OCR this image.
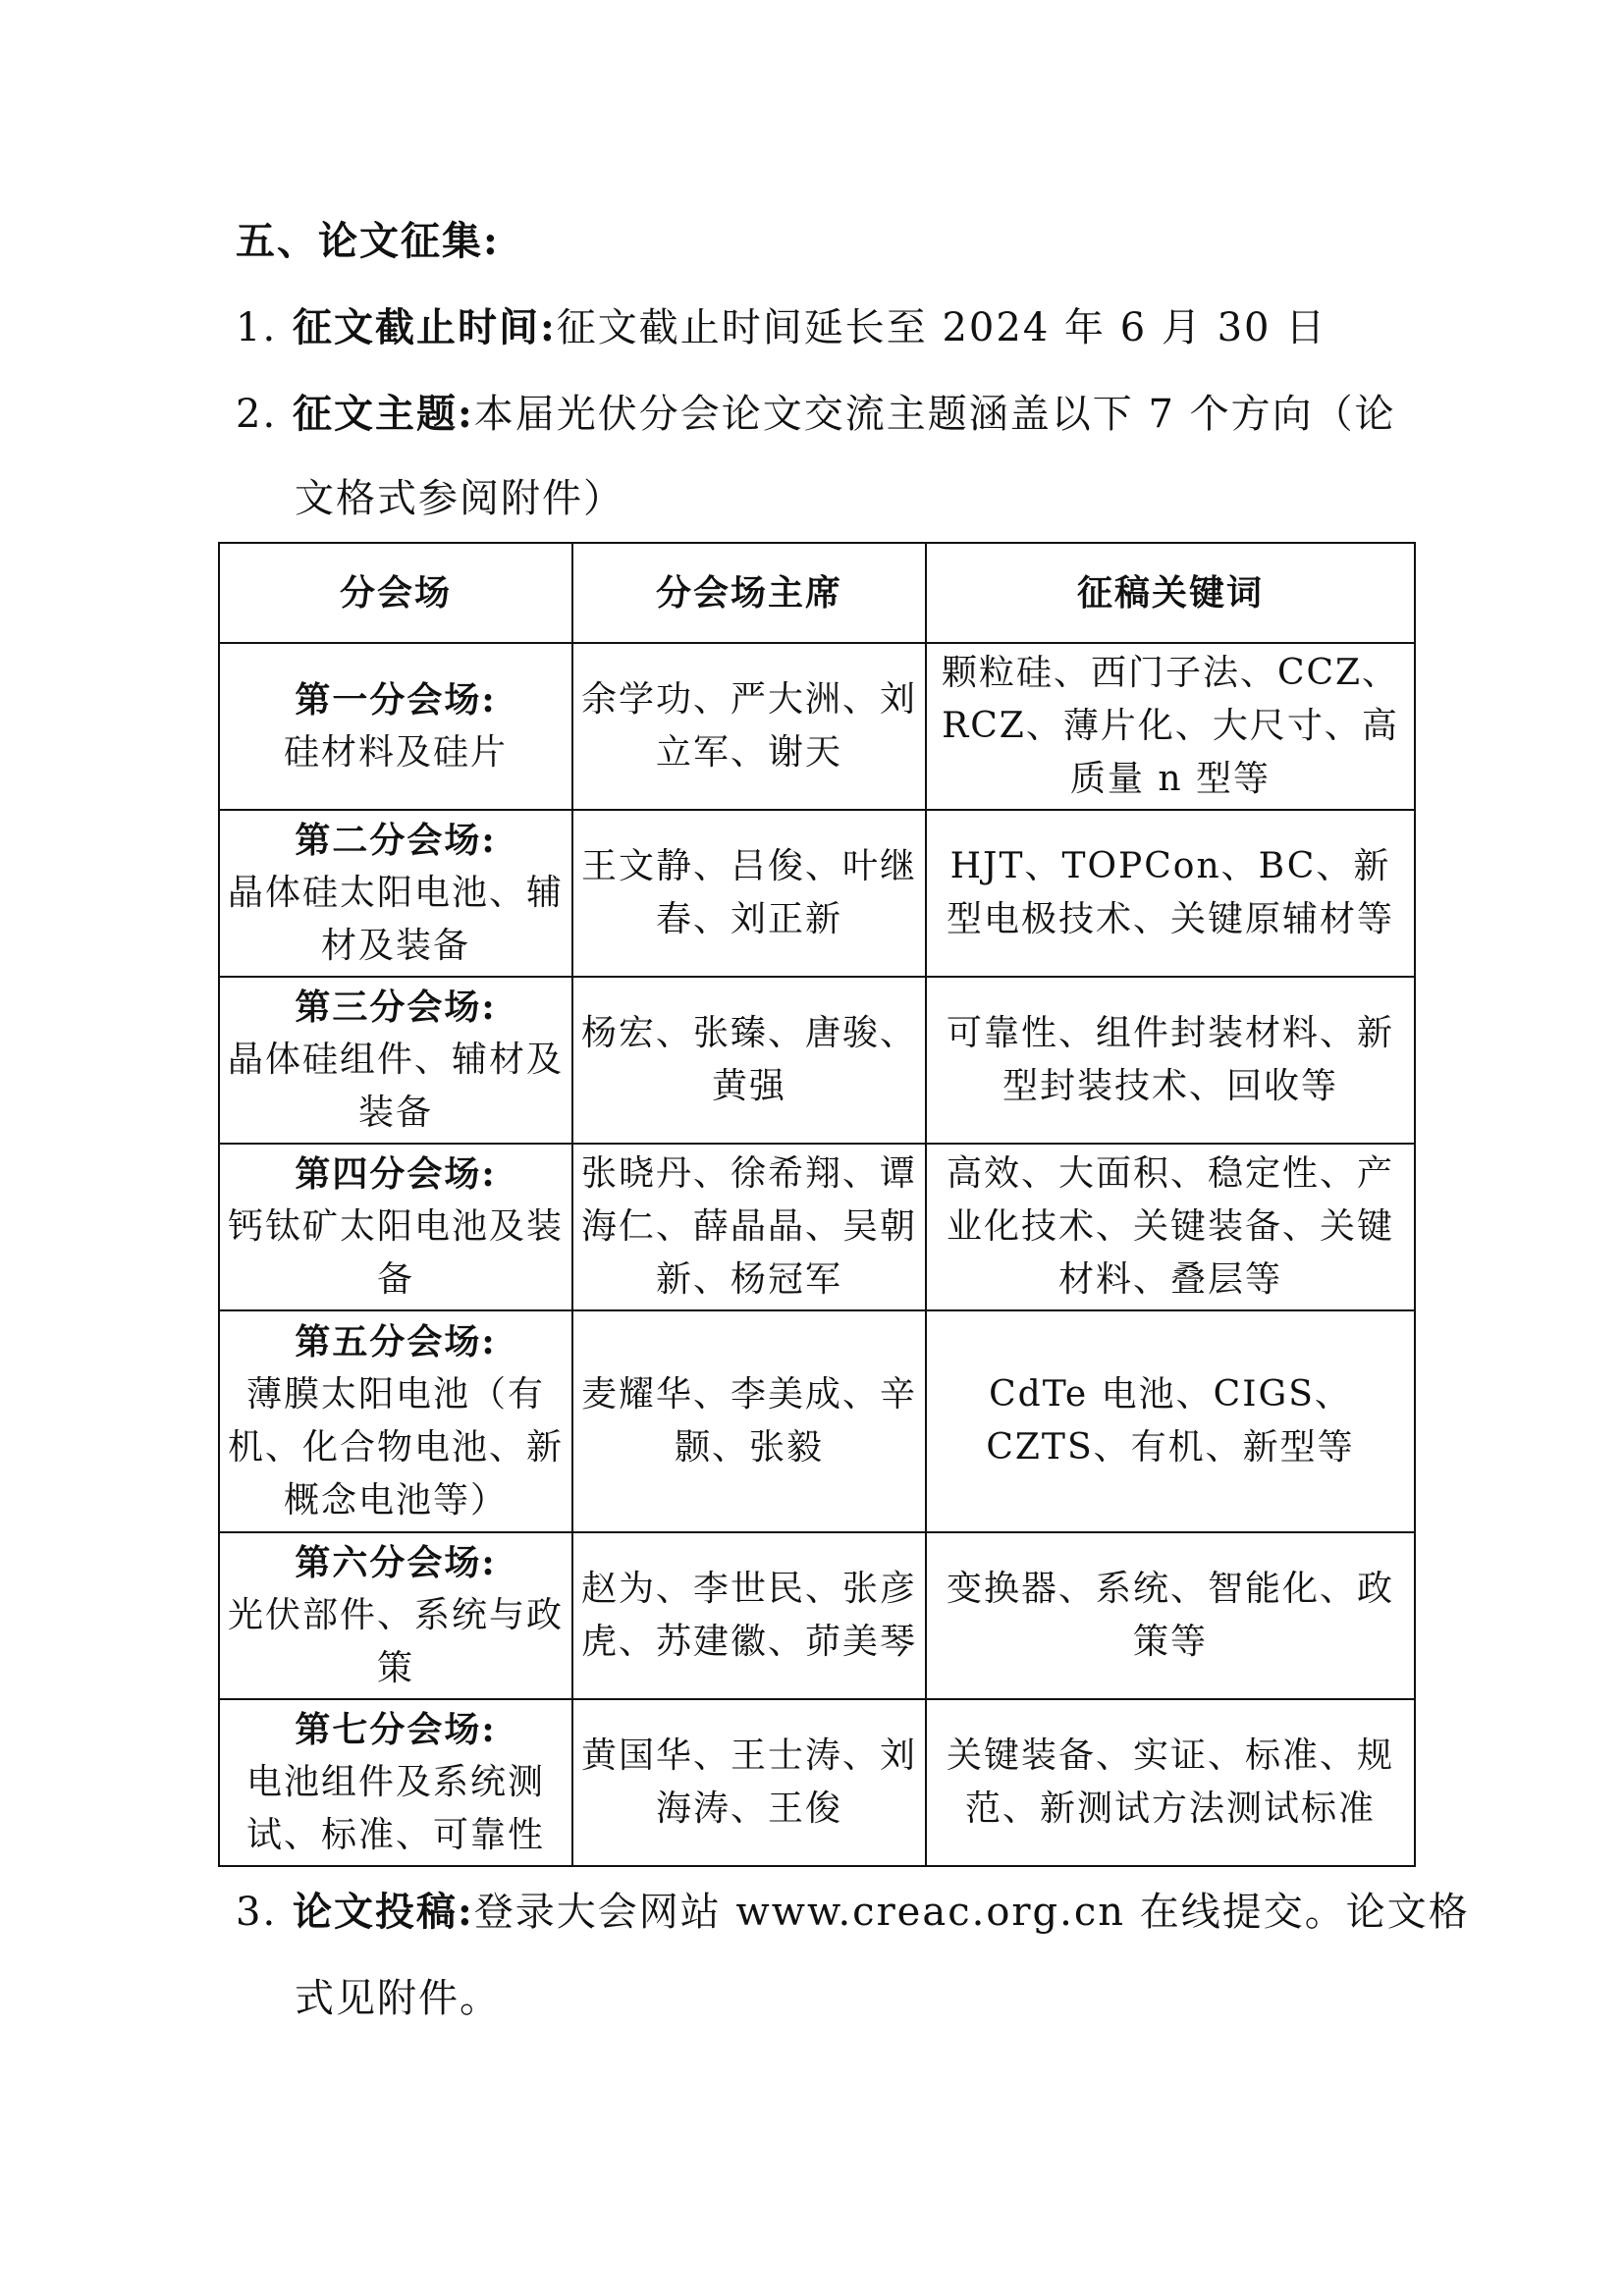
五、论文征集:
1. 征文截止时间:征文截止时间延长至 2024 年 6 月 30 日
2. 征文主题:本届光伏分会论文交流主题涵盖以下 7 个方向（论
文格式参阅附件）
分会场	分会场主席	征稿关键词

第一分会场:
硅材料及硅片	余学功、严大洲、刘立军、谢天	颗粒硅、西门子法、CCZ、RCZ、薄片化、大尺寸、高质量 n 型等

第二分会场:
晶体硅太阳电池、辅材及装备	王文静、吕俊、叶继春、刘正新	HJT、TOPCon、BC、新型电极技术、关键原辅材等

第三分会场:
晶体硅组件、辅材及装备	杨宏、张臻、唐骏、黄强	可靠性、组件封装材料、新型封装技术、回收等

第四分会场:
钙钛矿太阳电池及装备	张晓丹、徐希翔、谭海仁、薛晶晶、吴朝新、杨冠军	高效、大面积、稳定性、产业化技术、关键装备、关键材料、叠层等

第五分会场:
薄膜太阳电池（有机、化合物电池、新概念电池等）	麦耀华、李美成、辛颢、张毅	CdTe 电池、CIGS、CZTS、有机、新型等

第六分会场:
光伏部件、系统与政策	赵为、李世民、张彦虎、苏建徽、茆美琴	变换器、系统、智能化、政策等

第七分会场:
电池组件及系统测试、标准、可靠性	黄国华、王士涛、刘海涛、王俊	关键装备、实证、标准、规范、新测试方法测试标准
3. 论文投稿:登录大会网站 www.creac.org.cn 在线提交。论文格
式见附件。
